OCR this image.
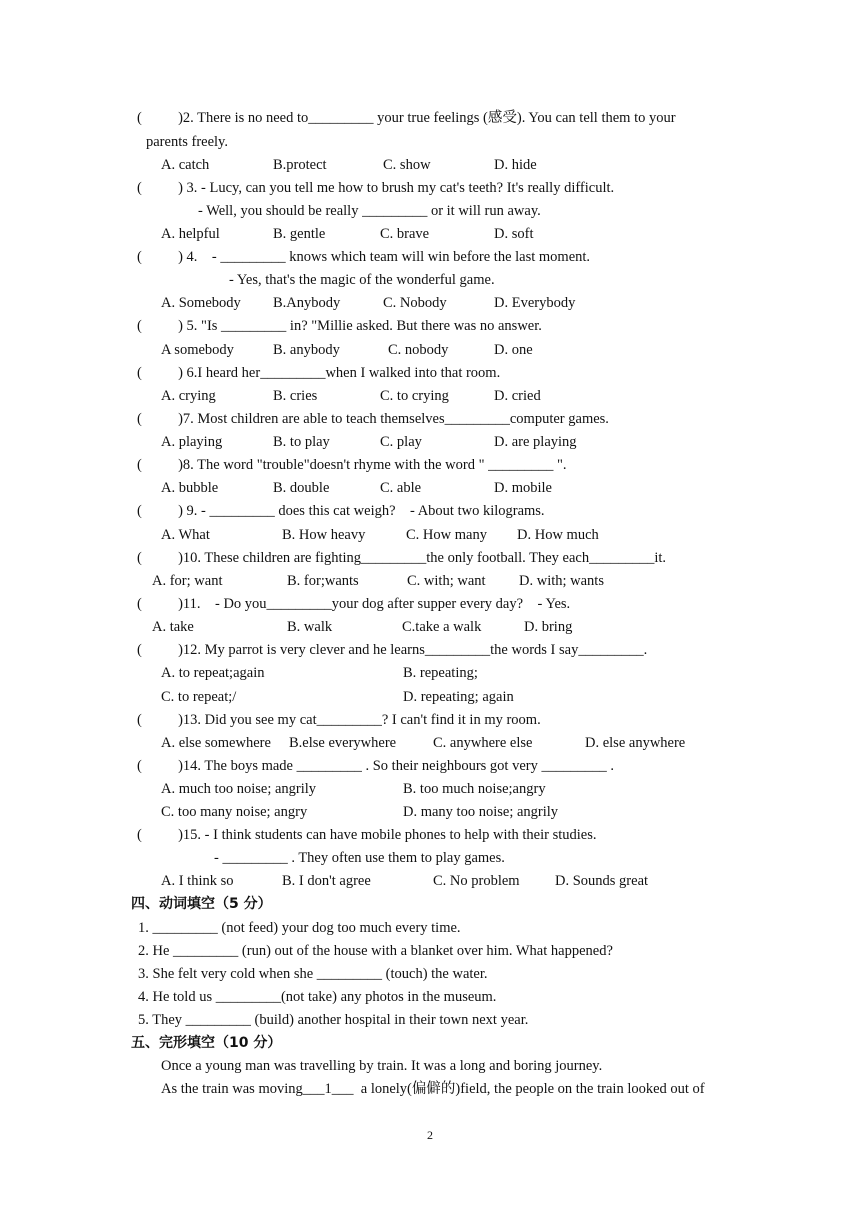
(          )2. There is no need to_________ your true feelings (感受). You can tell them to your
parents freely.
A. catch	B.protect	C. show	D. hide
(          ) 3. - Lucy, can you tell me how to brush my cat's teeth? It's really difficult.
- Well, you should be really _________ or it will run away.
A. helpful	B. gentle	C. brave	D. soft
(          ) 4.    - _________ knows which team will win before the last moment.
- Yes, that's the magic of the wonderful game.
A. Somebody B.Anybody	C. Nobody	D. Everybody
(          ) 5. "Is _________ in? "Millie asked. But there was no answer.
A somebody	B. anybody	C. nobody	D. one
(          ) 6.I heard her_________when I walked into that room.
A. crying	B. cries	C. to crying	D. cried
(          )7. Most children are able to teach themselves_________computer games.
A. playing	B. to play	C. play	D. are playing
(          )8. The word "trouble"doesn't rhyme with the word " _________ ".
A. bubble	B. double	C. able	D. mobile
(          ) 9. - _________ does this cat weigh?    - About two kilograms.
A. What	B. How heavy	C. How many D. How much
(          )10. These children are fighting_________the only football. They each_________it.
A. for; want	B. for;wants	C. with; want D. with; wants
(          )11.    - Do you_________your dog after supper every day?    - Yes.
A. take	B. walk	C.take a walk	D. bring
(          )12. My parrot is very clever and he learns_________the words I say_________.
A. to repeat;again	B. repeating;
C. to repeat;/	D. repeating; again
(          )13. Did you see my cat_________? I can't find it in my room.
A. else somewhere B.else everywhere	C. anywhere else	D. else anywhere
(          )14. The boys made _________ . So their neighbours got very _________ .
A. much too noise; angrily	B. too much noise;angry
C. too many noise; angry	D. many too noise; angrily
(          )15. - I think students can have mobile phones to help with their studies.
- _________ . They often use them to play games.
A. I think so	B. I don't agree	C. No problem D. Sounds great
四、动词填空（5 分）
1. _________ (not feed) your dog too much every time.
2. He _________ (run) out of the house with a blanket over him. What happened?
3. She felt very cold when she _________ (touch) the water.
4. He told us _________(not take) any photos in the museum.
5. They _________ (build) another hospital in their town next year.
五、完形填空（10 分）
Once a young man was travelling by train. It was a long and boring journey.
As the train was moving___1___  a lonely(偏僻的)field, the people on the train looked out of
2
